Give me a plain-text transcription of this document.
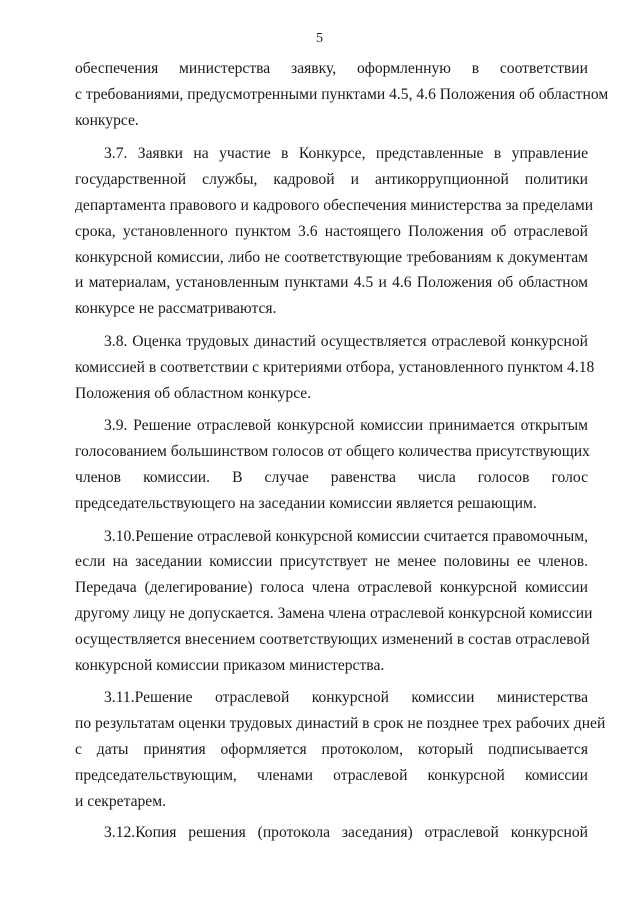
5
обеспечения министерства заявку, оформленную в соответствии
с требованиями, предусмотренными пунктами 4.5, 4.6 Положения об областном
конкурсе.
3.7. Заявки на участие в Конкурсе, представленные в управление
государственной службы, кадровой и антикоррупционной политики
департамента правового и кадрового обеспечения министерства за пределами
срока, установленного пунктом 3.6 настоящего Положения об отраслевой
конкурсной комиссии, либо не соответствующие требованиям к документам
и материалам, установленным пунктами 4.5 и 4.6 Положения об областном
конкурсе не рассматриваются.
3.8. Оценка трудовых династий осуществляется отраслевой конкурсной
комиссией в соответствии с критериями отбора, установленного пунктом 4.18
Положения об областном конкурсе.
3.9. Решение отраслевой конкурсной комиссии принимается открытым
голосованием большинством голосов от общего количества присутствующих
членов комиссии. В случае равенства числа голосов голос
председательствующего на заседании комиссии является решающим.
3.10.Решение отраслевой конкурсной комиссии считается правомочным,
если на заседании комиссии присутствует не менее половины ее членов.
Передача (делегирование) голоса члена отраслевой конкурсной комиссии
другому лицу не допускается. Замена члена отраслевой конкурсной комиссии
осуществляется внесением соответствующих изменений в состав отраслевой
конкурсной комиссии приказом министерства.
3.11.Решение отраслевой конкурсной комиссии министерства
по результатам оценки трудовых династий в срок не позднее трех рабочих дней
с даты принятия оформляется протоколом, который подписывается
председательствующим, членами отраслевой конкурсной комиссии
и секретарем.
3.12.Копия решения (протокола заседания) отраслевой конкурсной
